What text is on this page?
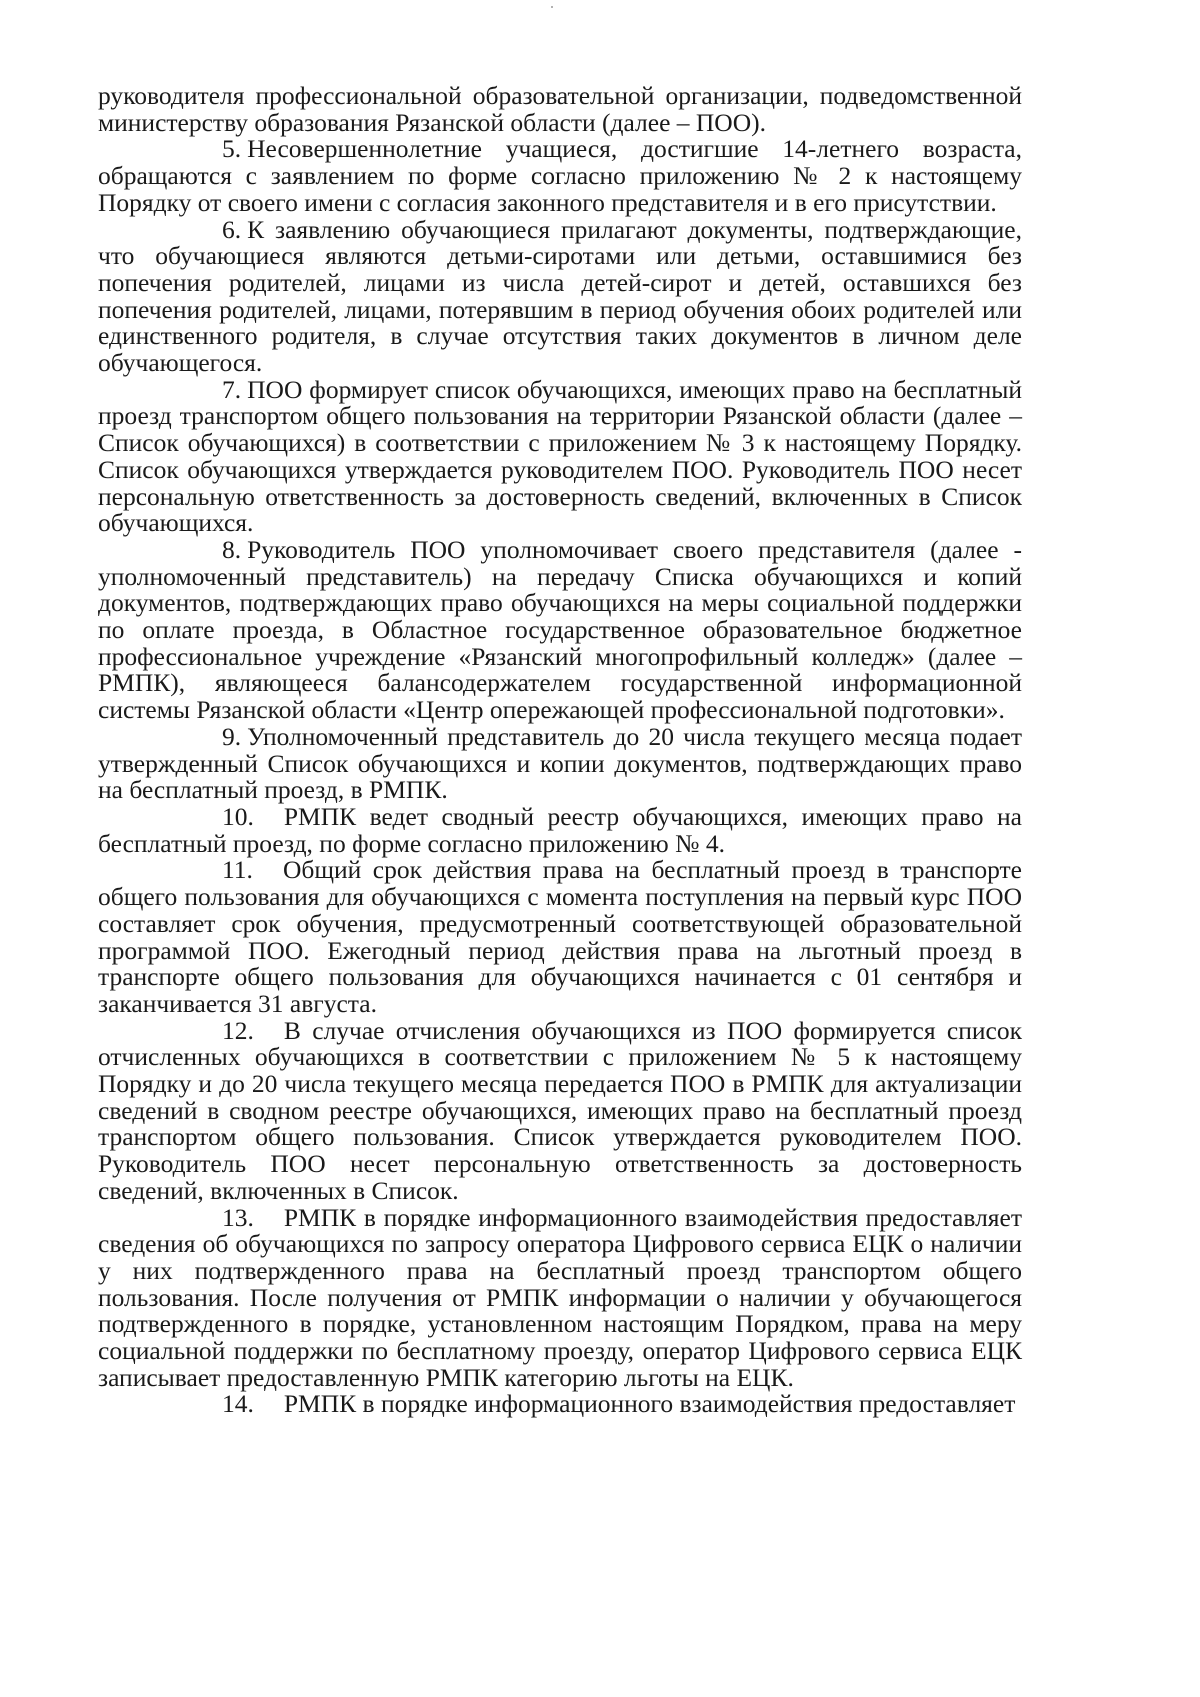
руководителя профессиональной образовательной организации, подведомственной министерству образования Рязанской области (далее – ПОО).

5. Несовершеннолетние учащиеся, достигшие 14-летнего возраста, обращаются с заявлением по форме согласно приложению № 2 к настоящему Порядку от своего имени с согласия законного представителя и в его присутствии.

6. К заявлению обучающиеся прилагают документы, подтверждающие, что обучающиеся являются детьми-сиротами или детьми, оставшимися без попечения родителей, лицами из числа детей-сирот и детей, оставшихся без попечения родителей, лицами, потерявшим в период обучения обоих родителей или единственного родителя, в случае отсутствия таких документов в личном деле обучающегося.

7. ПОО формирует список обучающихся, имеющих право на бесплатный проезд транспортом общего пользования на территории Рязанской области (далее – Список обучающихся) в соответствии с приложением № 3 к настоящему Порядку. Список обучающихся утверждается руководителем ПОО. Руководитель ПОО несет персональную ответственность за достоверность сведений, включенных в Список обучающихся.

8. Руководитель ПОО уполномочивает своего представителя (далее - уполномоченный представитель) на передачу Списка обучающихся и копий документов, подтверждающих право обучающихся на меры социальной поддержки по оплате проезда, в Областное государственное образовательное бюджетное профессиональное учреждение «Рязанский многопрофильный колледж» (далее – РМПК), являющееся балансодержателем государственной информационной системы Рязанской области «Центр опережающей профессиональной подготовки».

9. Уполномоченный представитель до 20 числа текущего месяца подает утвержденный Список обучающихся и копии документов, подтверждающих право на бесплатный проезд, в РМПК.

10. РМПК ведет сводный реестр обучающихся, имеющих право на бесплатный проезд, по форме согласно приложению № 4.

11. Общий срок действия права на бесплатный проезд в транспорте общего пользования для обучающихся с момента поступления на первый курс ПОО составляет срок обучения, предусмотренный соответствующей образовательной программой ПОО. Ежегодный период действия права на льготный проезд в транспорте общего пользования для обучающихся начинается с 01 сентября и заканчивается 31 августа.

12. В случае отчисления обучающихся из ПОО формируется список отчисленных обучающихся в соответствии с приложением № 5 к настоящему Порядку и до 20 числа текущего месяца передается ПОО в РМПК для актуализации сведений в сводном реестре обучающихся, имеющих право на бесплатный проезд транспортом общего пользования. Список утверждается руководителем ПОО. Руководитель ПОО несет персональную ответственность за достоверность сведений, включенных в Список.

13. РМПК в порядке информационного взаимодействия предоставляет сведения об обучающихся по запросу оператора Цифрового сервиса ЕЦК о наличии у них подтвержденного права на бесплатный проезд транспортом общего пользования. После получения от РМПК информации о наличии у обучающегося подтвержденного в порядке, установленном настоящим Порядком, права на меру социальной поддержки по бесплатному проезду, оператор Цифрового сервиса ЕЦК записывает предоставленную РМПК категорию льготы на ЕЦК.

14. РМПК в порядке информационного взаимодействия предоставляет
